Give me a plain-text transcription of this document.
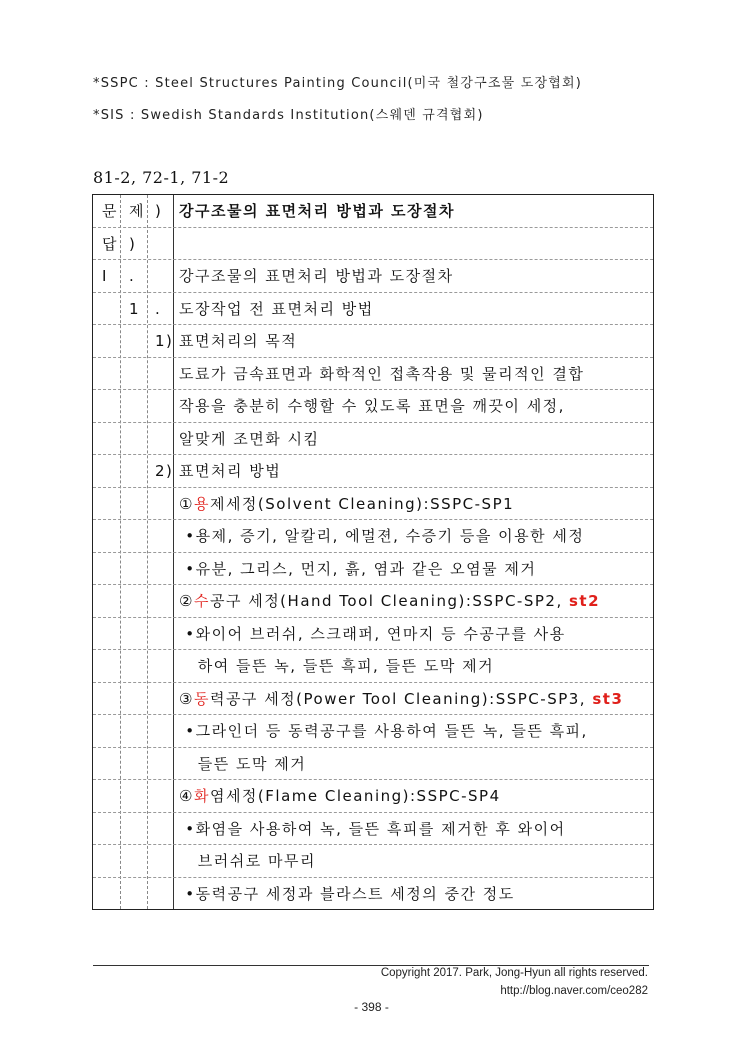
*SSPC : Steel Structures Painting Council(미국 철강구조물 도장협회)
*SIS : Swedish Standards Institution(스웨덴 규격협회)
81-2, 72-1, 71-2
문 제 ) 강구조물의 표면처리 방법과 도장절차
답 )
Ⅰ .	강구조물의 표면처리 방법과 도장절차
1 . 도장작업 전 표면처리 방법
1) 표면처리의 목적
도료가 금속표면과 화학적인 접촉작용 및 물리적인 결합
작용을 충분히 수행할 수 있도록 표면을 깨끗이 세정,
알맞게 조면화 시킴
2) 표면처리 방법
①용제세정(Solvent Cleaning):SSPC-SP1
•용제, 증기, 알칼리, 에멀젼, 수증기 등을 이용한 세정
•유분, 그리스, 먼지, 흙, 염과 같은 오염물 제거
②수공구 세정(Hand Tool Cleaning):SSPC-SP2, st2
•와이어 브러쉬, 스크래퍼, 연마지 등 수공구를 사용
하여 들뜬 녹, 들뜬 흑피, 들뜬 도막 제거
③동력공구 세정(Power Tool Cleaning):SSPC-SP3, st3
•그라인더 등 동력공구를 사용하여 들뜬 녹, 들뜬 흑피,
들뜬 도막 제거
④화염세정(Flame Cleaning):SSPC-SP4
•화염을 사용하여 녹, 들뜬 흑피를 제거한 후 와이어
브러쉬로 마무리
•동력공구 세정과 블라스트 세정의 중간 정도
Copyright 2017. Park, Jong-Hyun all rights reserved.
http://blog.naver.com/ceo282
- 398 -
